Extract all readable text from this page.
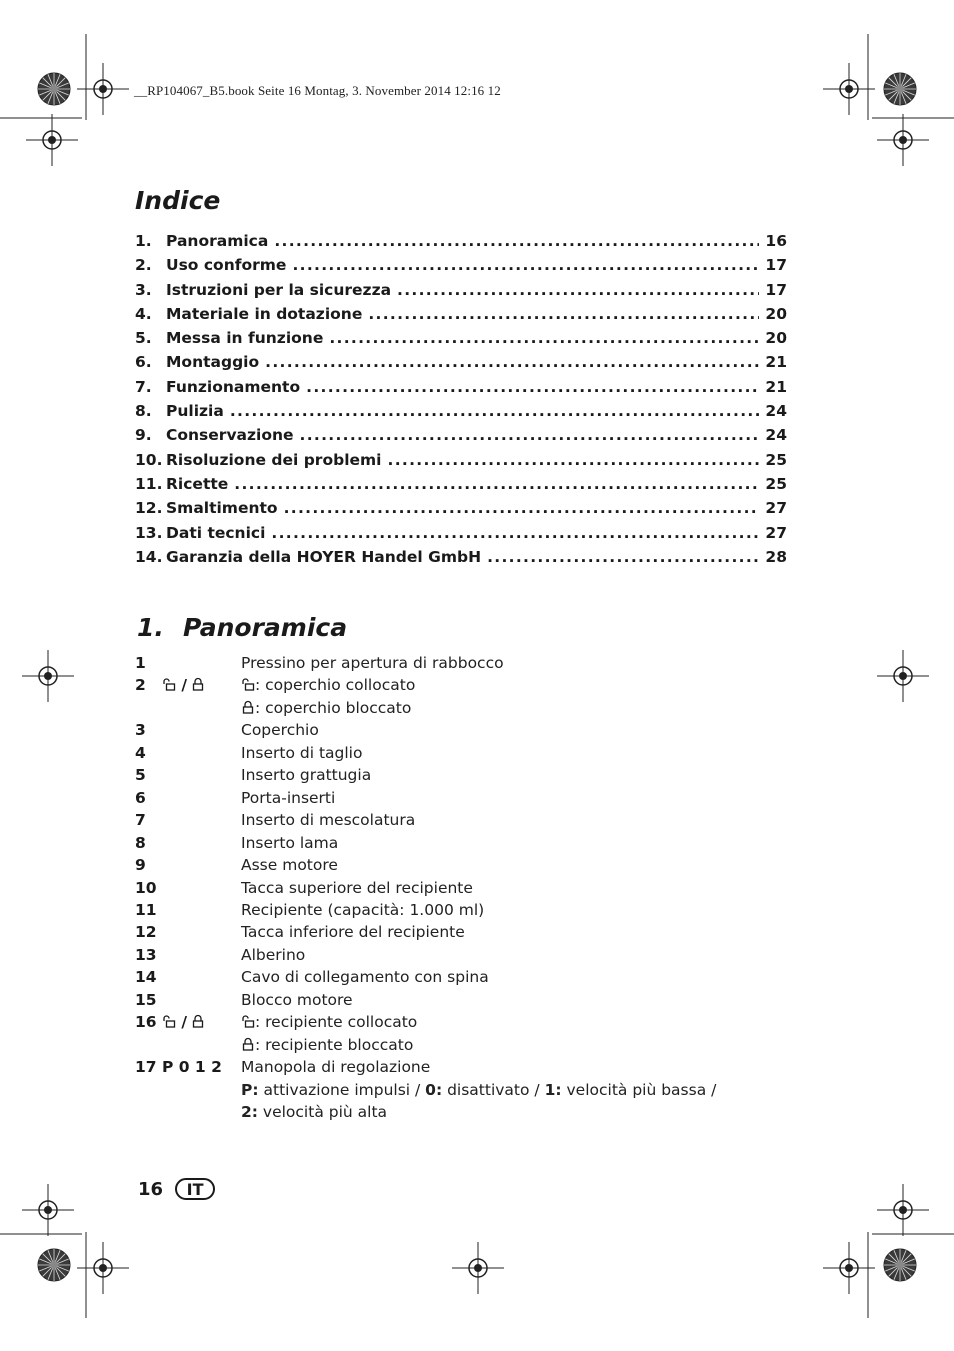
__RP104067_B5.book Seite 16 Montag, 3. November 2014 12:16 12
Indice
1. Panoramica .....	16
2. Uso conforme .....	17
3. Istruzioni per la sicurezza .....	17
4. Materiale in dotazione .....	20
5. Messa in funzione .....	20
6. Montaggio .....	21
7. Funzionamento .....	21
8. Pulizia .....	24
9. Conservazione .....	24
10. Risoluzione dei problemi .....	25
11. Ricette .....	25
12. Smaltimento .....	27
13. Dati tecnici .....	27
14. Garanzia della HOYER Handel GmbH .....	28
1. Panoramica
1	Pressino per apertura di rabbocco
2 /	: coperchio collocato
: coperchio bloccato
3	Coperchio
4	Inserto di taglio
5	Inserto grattugia
6	Porta-inserti
7	Inserto di mescolatura
8	Inserto lama
9	Asse motore
10	Tacca superiore del recipiente
11	Recipiente (capacità: 1.000 ml)
12	Tacca inferiore del recipiente
13	Alberino
14	Cavo di collegamento con spina
15	Blocco motore
16 /	: recipiente collocato
: recipiente bloccato
17 P 0 1 2	Manopola di regolazione
P: attivazione impulsi / 0: disattivato / 1: velocità più bassa /
2: velocità più alta
16	IT
